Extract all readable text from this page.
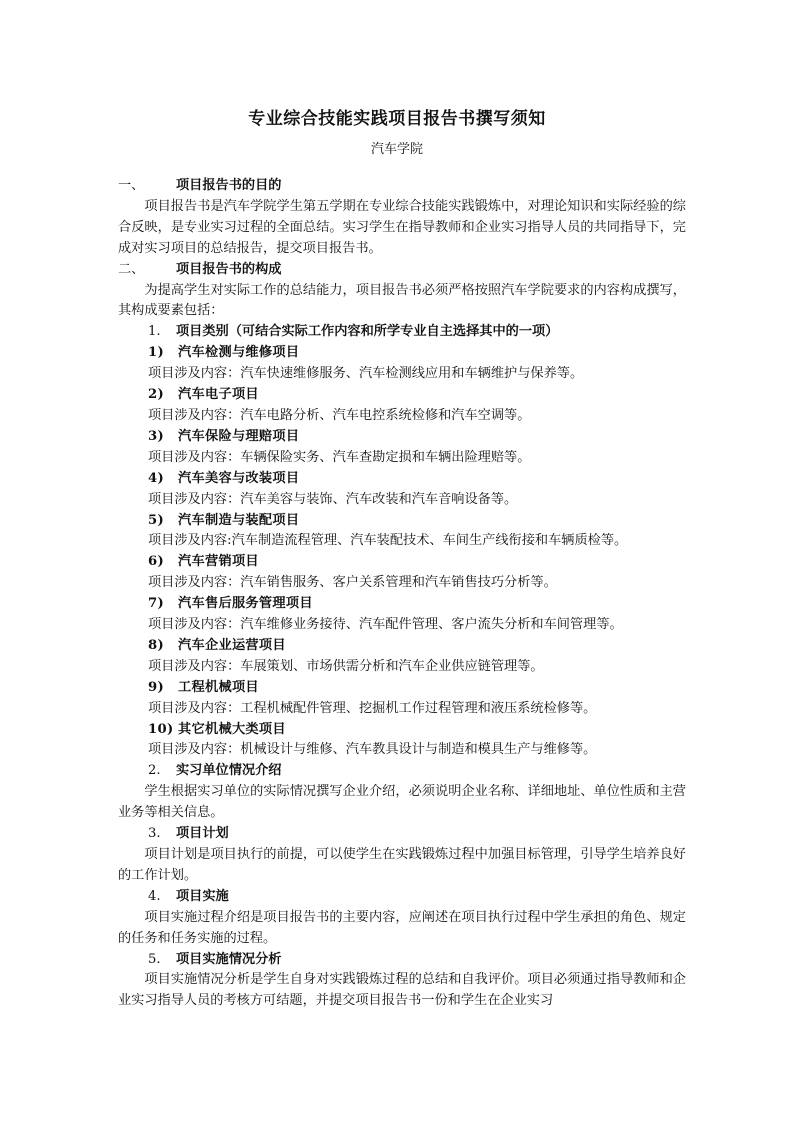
专业综合技能实践项目报告书撰写须知
汽车学院

一、 项目报告书的目的

项目报告书是汽车学院学生第五学期在专业综合技能实践锻炼中，对理论知识和实际经验的综合反映，是专业实习过程的全面总结。实习学生在指导教师和企业实习指导人员的共同指导下，完成对实习项目的总结报告，提交项目报告书。

二、 项目报告书的构成

为提高学生对实际工作的总结能力，项目报告书必须严格按照汽车学院要求的内容构成撰写，其构成要素包括：

1. 项目类别（可结合实际工作内容和所学专业自主选择其中的一项）

1) 汽车检测与维修项目

项目涉及内容：汽车快速维修服务、汽车检测线应用和车辆维护与保养等。

2) 汽车电子项目

项目涉及内容：汽车电路分析、汽车电控系统检修和汽车空调等。

3) 汽车保险与理赔项目

项目涉及内容：车辆保险实务、汽车查勘定损和车辆出险理赔等。

4) 汽车美容与改装项目

项目涉及内容：汽车美容与装饰、汽车改装和汽车音响设备等。

5) 汽车制造与装配项目

项目涉及内容:汽车制造流程管理、汽车装配技术、车间生产线衔接和车辆质检等。

6) 汽车营销项目

项目涉及内容：汽车销售服务、客户关系管理和汽车销售技巧分析等。

7) 汽车售后服务管理项目

项目涉及内容：汽车维修业务接待、汽车配件管理、客户流失分析和车间管理等。

8) 汽车企业运营项目

项目涉及内容：车展策划、市场供需分析和汽车企业供应链管理等。

9) 工程机械项目

项目涉及内容：工程机械配件管理、挖掘机工作过程管理和液压系统检修等。

10) 其它机械大类项目

项目涉及内容：机械设计与维修、汽车教具设计与制造和模具生产与维修等。

2. 实习单位情况介绍

学生根据实习单位的实际情况撰写企业介绍，必须说明企业名称、详细地址、单位性质和主营业务等相关信息。

3. 项目计划

项目计划是项目执行的前提，可以使学生在实践锻炼过程中加强目标管理，引导学生培养良好的工作计划。

4. 项目实施

项目实施过程介绍是项目报告书的主要内容，应阐述在项目执行过程中学生承担的角色、规定的任务和任务实施的过程。

5. 项目实施情况分析

项目实施情况分析是学生自身对实践锻炼过程的总结和自我评价。项目必须通过指导教师和企业实习指导人员的考核方可结题，并提交项目报告书一份和学生在企业实习
